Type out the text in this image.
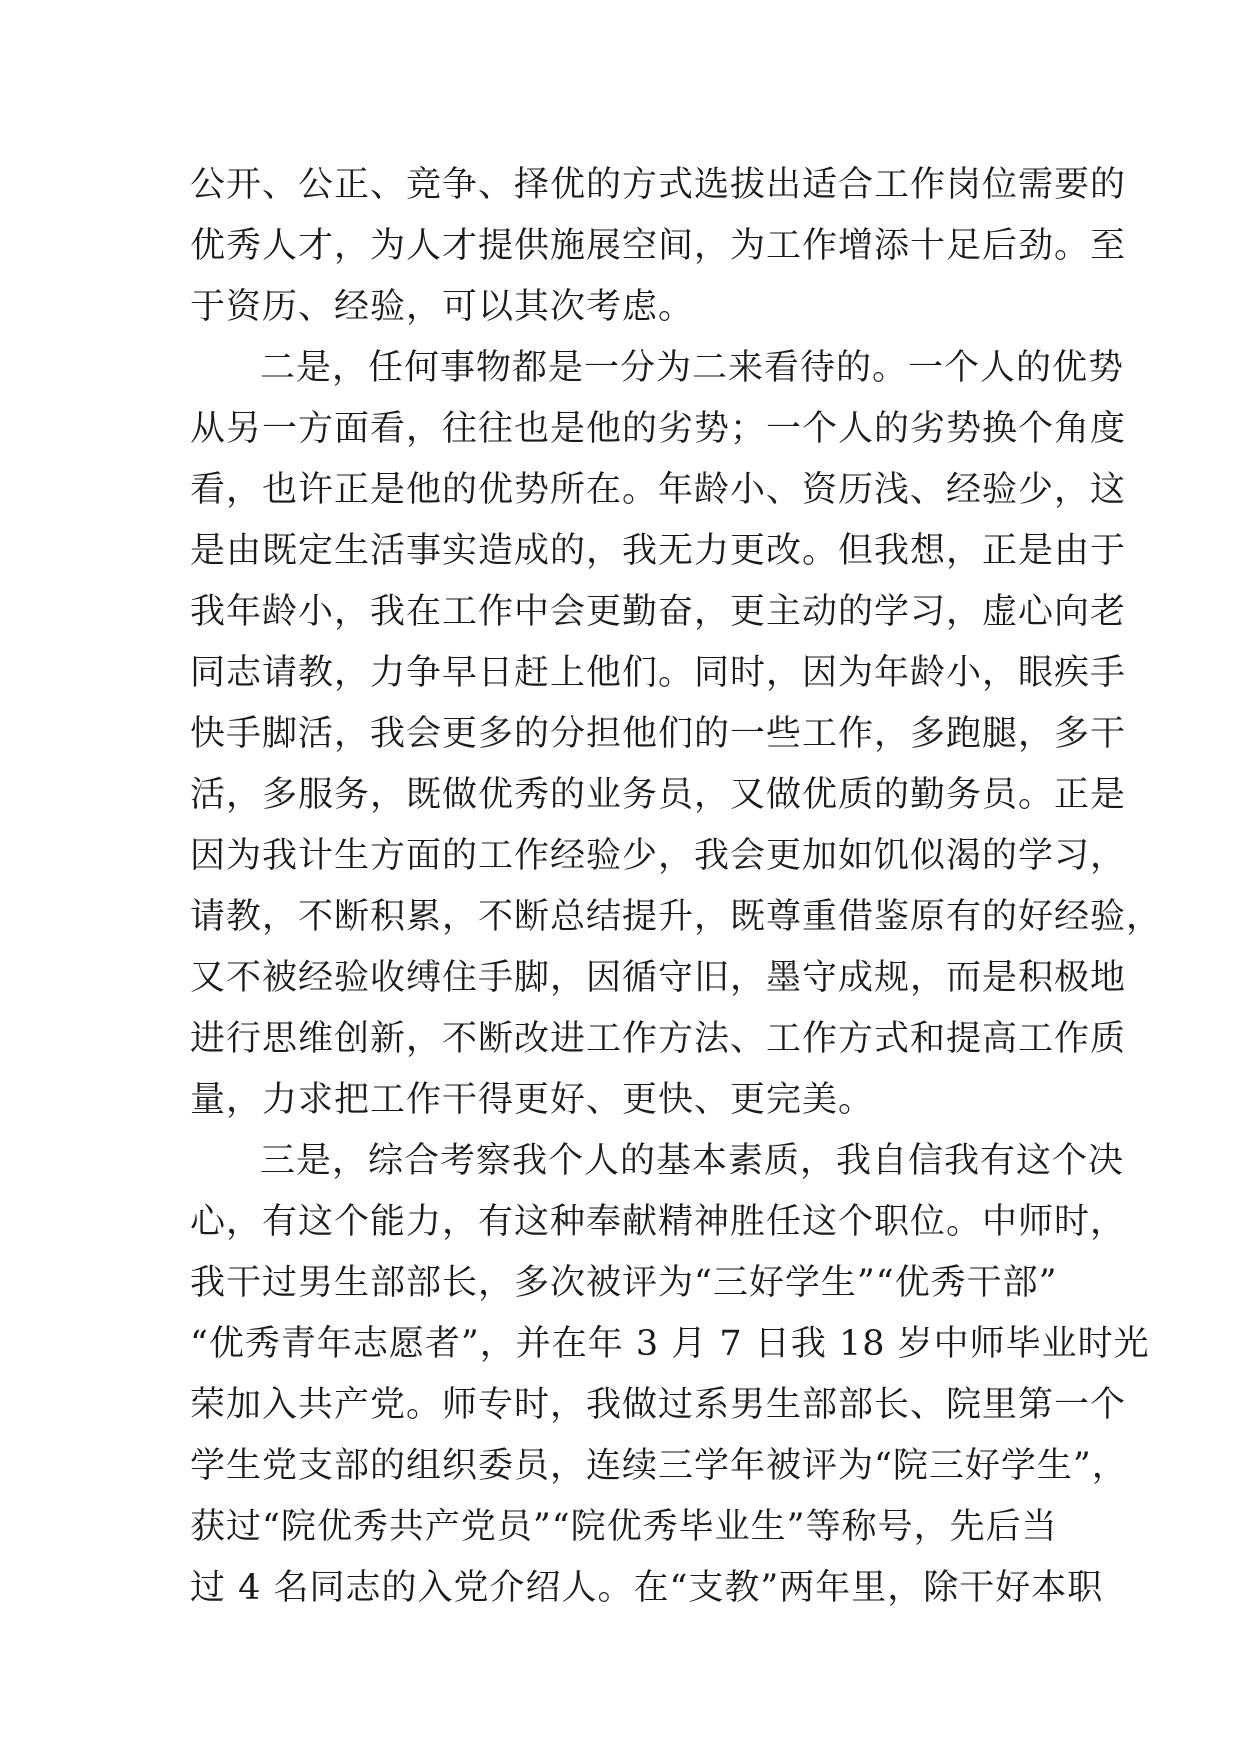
公开、公正、竞争、择优的方式选拔出适合工作岗位需要的
优秀人才，为人才提供施展空间，为工作增添十足后劲。至
于资历、经验，可以其次考虑。
二是，任何事物都是一分为二来看待的。一个人的优势
从另一方面看，往往也是他的劣势；一个人的劣势换个角度
看，也许正是他的优势所在。年龄小、资历浅、经验少，这
是由既定生活事实造成的，我无力更改。但我想，正是由于
我年龄小，我在工作中会更勤奋，更主动的学习，虚心向老
同志请教，力争早日赶上他们。同时，因为年龄小，眼疾手
快手脚活，我会更多的分担他们的一些工作，多跑腿，多干
活，多服务，既做优秀的业务员，又做优质的勤务员。正是
因为我计生方面的工作经验少，我会更加如饥似渴的学习，
请教，不断积累，不断总结提升，既尊重借鉴原有的好经验，
又不被经验收缚住手脚，因循守旧，墨守成规，而是积极地
进行思维创新，不断改进工作方法、工作方式和提高工作质
量，力求把工作干得更好、更快、更完美。
三是，综合考察我个人的基本素质，我自信我有这个决
心，有这个能力，有这种奉献精神胜任这个职位。中师时，
我干过男生部部长，多次被评为“三好学生”“优秀干部”
“优秀青年志愿者”，并在年 3 月 7 日我 18 岁中师毕业时光
荣加入共产党。师专时，我做过系男生部部长、院里第一个
学生党支部的组织委员，连续三学年被评为“院三好学生”，
获过“院优秀共产党员”“院优秀毕业生”等称号，先后当
过 4 名同志的入党介绍人。在“支教”两年里，除干好本职
